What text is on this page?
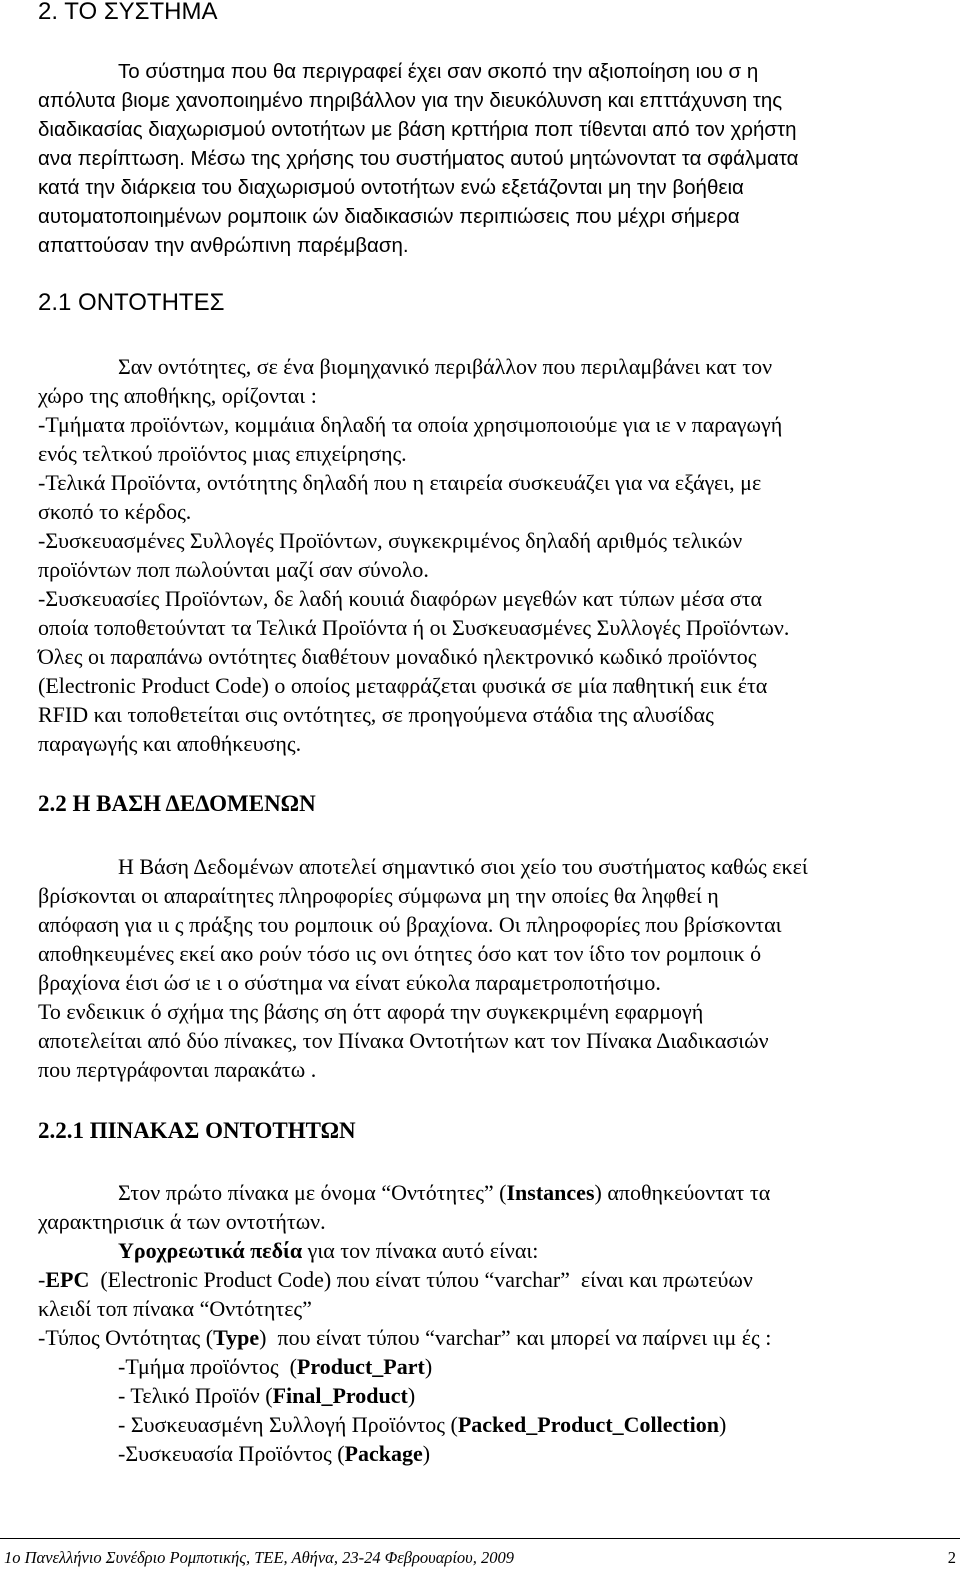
2. ΤΟ ΣΥΣΤΗΜΑ
Το σύστημα που θα περιγραφεί έχει σαν σκοπό την αξιοποίηση ιου σ η
απόλυτα βιομε χανοποιημένο πηριβάλλον για την διευκόλυνση και επττάχυνση της
διαδικασίας διαχωρισμού οντοτήτων με βάση κρττήρια ποπ τίθενται από τον χρήστη
ανα περίπτωση. Μέσω της χρήσης του συστήματος αυτού μητώνοντατ τα σφάλματα
κατά την διάρκεια του διαχωρισμού οντοτήτων ενώ εξετάζονται μη την βοήθεια
αυτοματοποιημένων ρομποιικ ών διαδικασιών περιπιώσεις που μέχρι σήμερα
απαττούσαν την ανθρώπινη παρέμβαση.
2.1 ΟΝΤΟΤΗΤΕΣ
Σαν οντότητες, σε ένα βιομηχανικό περιβάλλον που περιλαμβάνει κατ τον
χώρο της αποθήκης, ορίζονται :
-Τμήματα προϊόντων, κομμάιια δηλαδή τα οποία χρησιμοποιούμε για ιε ν παραγωγή
ενός τελτκού προϊόντος μιας επιχείρησης.
-Τελικά Προϊόντα, οντότητης δηλαδή που η εταιρεία συσκευάζει για να εξάγει, με
σκοπό το κέρδος.
-Συσκευασμένες Συλλογές Προϊόντων, συγκεκριμένος δηλαδή αριθμός τελικών
προϊόντων ποπ πωλούνται μαζί σαν σύνολο.
-Συσκευασίες Προϊόντων, δε λαδή κουιιά διαφόρων μεγεθών κατ τύπων μέσα στα
οποία τοποθετούντατ τα Τελικά Προϊόντα ή οι Συσκευασμένες Συλλογές Προϊόντων.
Όλες οι παραπάνω οντότητες διαθέτουν μοναδικό ηλεκτρονικό κωδικό προϊόντος
(Electronic Product Code) ο οποίος μεταφράζεται φυσικά σε μία παθητική ειικ έτα
RFID και τοποθετείται σιις οντότητες, σε προηγούμενα στάδια της αλυσίδας
παραγωγής και αποθήκευσης.
2.2 Η ΒΑΣΗ ΔΕΔΟΜΕΝΩΝ
Η Βάση Δεδομένων αποτελεί σημαντικό σιοι χείο του συστήματος καθώς εκεί
βρίσκονται οι απαραίτητες πληροφορίες σύμφωνα μη την οποίες θα ληφθεί η
απόφαση για ιι ς πράξης του ρομποιικ ού βραχίονα. Οι πληροφορίες που βρίσκονται
αποθηκευμένες εκεί ακο ρούν τόσο ιις ονι ότητες όσο κατ τον ίδτο τον ρομποιικ ό
βραχίονα έισι ώσ ιε ι ο σύστημα να είνατ εύκολα παραμετροποτήσιμο.
Το ενδεικιικ ό σχήμα της βάσης ση όττ αφορά την συγκεκριμένη εφαρμογή
αποτελείται από δύο πίνακες, τον Πίνακα Οντοτήτων κατ τον Πίνακα Διαδικασιών
που περτγράφονται παρακάτω .
2.2.1 ΠΙΝΑΚΑΣ ΟΝΤΟΤΗΤΩΝ
Στον πρώτο πίνακα με όνομα “Οντότητες” (Instances) αποθηκεύοντατ τα
χαρακτηρισιικ ά των οντοτήτων.
Υροχρεωτικά πεδία για τον πίνακα αυτό είναι:
-EPC  (Electronic Product Code) που είνατ τύπου “varchar”  είναι και πρωτεύων
κλειδί τοπ πίνακα “Οντότητες”
-Τύπος Οντότητας (Type)  που είνατ τύπου “varchar” και μπορεί να παίρνει ιιμ ές :
-Τμήμα προϊόντος  (Product_Part)
- Τελικό Προϊόν (Final_Product)
- Συσκευασμένη Συλλογή Προϊόντος (Packed_Product_Collection)
-Συσκευασία Προϊόντος (Package)
1ο Πανελλήνιο Συνέδριο Ρομποτικής, ΤΕΕ, Αθήνα, 23-24 Φεβρουαρίου, 2009	2
